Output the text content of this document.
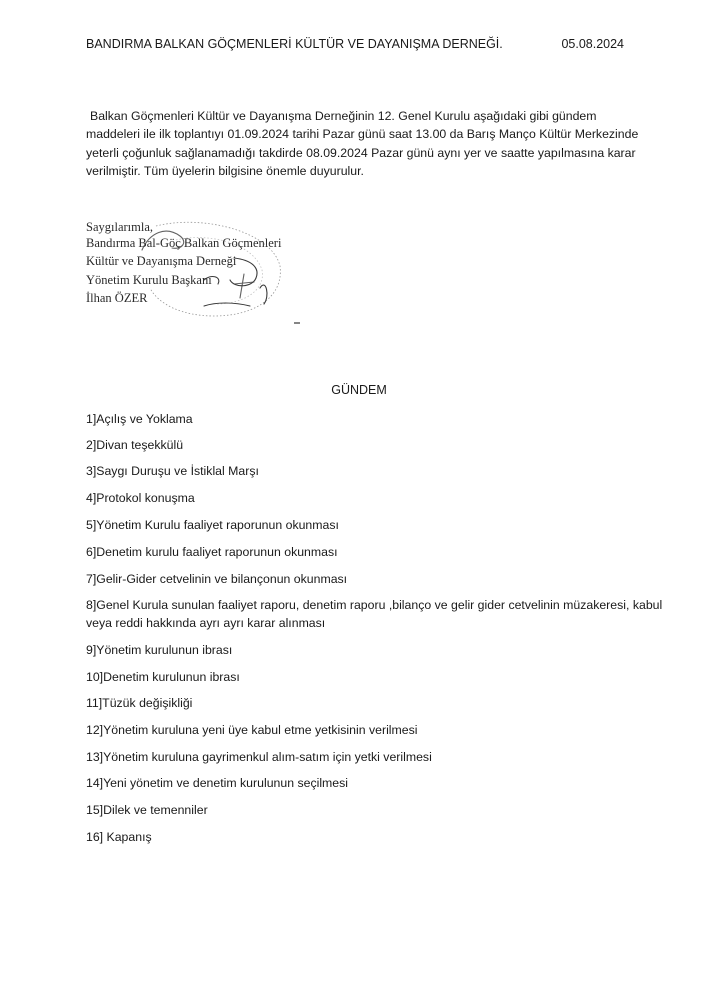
BANDIRMA BALKAN GÖÇMENLERİ KÜLTÜR VE DAYANIŞMA DERNEĞİ.	05.08.2024

Balkan Göçmenleri Kültür ve Dayanışma Derneğinin 12. Genel Kurulu aşağıdaki gibi gündem maddeleri ile ilk toplantıyı 01.09.2024 tarihi Pazar günü saat 13.00 da Barış Manço Kültür Merkezinde yeterli çoğunluk sağlanamadığı takdirde 08.09.2024 Pazar günü aynı yer ve saatte yapılmasına karar verilmiştir. Tüm üyelerin bilgisine önemle duyurulur.

Saygılarımla,
Bandırma Bal-Göç Balkan Göçmenleri
Kültür ve Dayanışma Derneği
Yönetim Kurulu Başkanı
İlhan ÖZER
GÜNDEM
1]Açılış ve Yoklama
2]Divan teşekkülü
3]Saygı Duruşu ve İstiklal Marşı
4]Protokol konuşma
5]Yönetim Kurulu faaliyet raporunun okunması
6]Denetim kurulu faaliyet raporunun okunması
7]Gelir-Gider cetvelinin ve bilançonun okunması
8]Genel Kurula sunulan faaliyet raporu, denetim raporu ,bilanço ve gelir gider cetvelinin müzakeresi, kabul veya reddi hakkında ayrı ayrı karar alınması
9]Yönetim kurulunun ibrası
10]Denetim kurulunun ibrası
11]Tüzük değişikliği
12]Yönetim kuruluna yeni üye kabul etme yetkisinin verilmesi
13]Yönetim kuruluna gayrimenkul alım-satım için yetki verilmesi
14]Yeni yönetim ve denetim kurulunun seçilmesi
15]Dilek ve temenniler
16] Kapanış
